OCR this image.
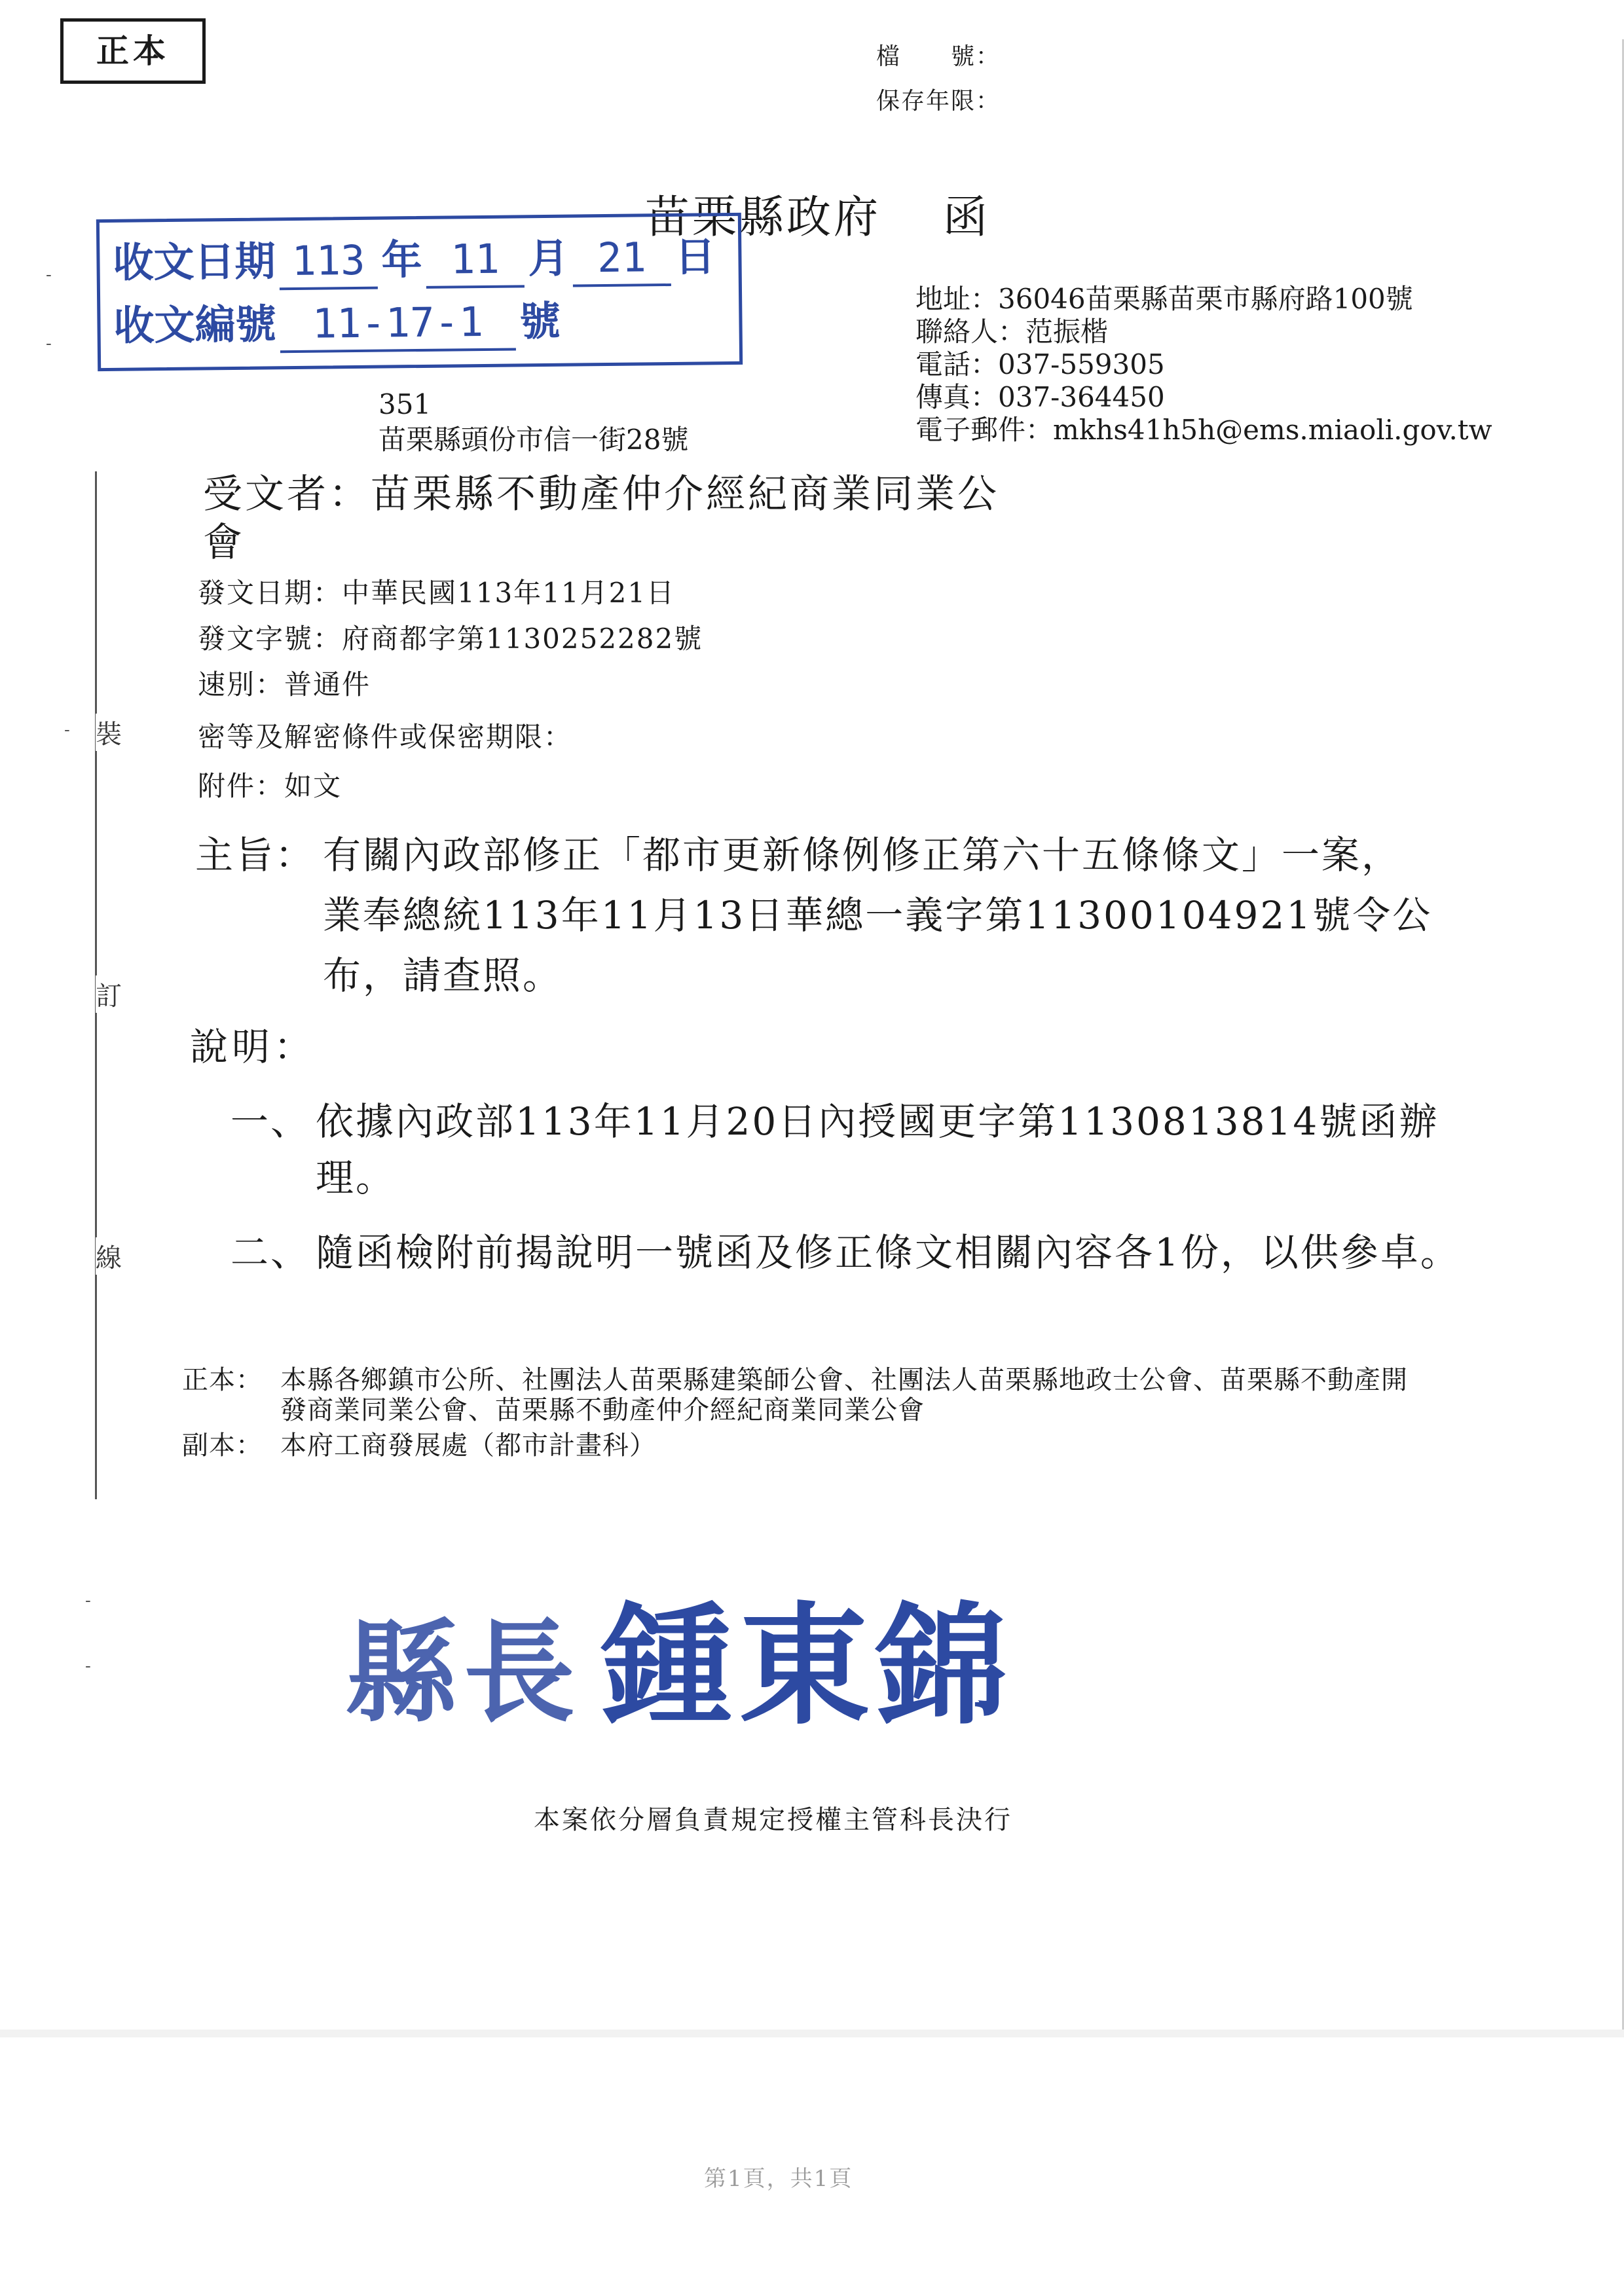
裝
訂
線
-
-
-
-
-
正本	檔　　號：
保存年限：
苗栗縣政府 函
收文日期 113 年 11 月 21 日
收文編號 11-17-1 號	地址：36046苗栗縣苗栗市縣府路100號
聯絡人：范振楷
電話：037-559305
傳真：037-364450
電子郵件：mkhs41h5h@ems.miaoli.gov.tw
351
苗栗縣頭份市信一街28號
受文者：苗栗縣不動產仲介經紀商業同業公會
發文日期：中華民國113年11月21日
發文字號：府商都字第1130252282號
速別：普通件
密等及解密條件或保密期限：
附件：如文
主旨： 有關內政部修正「都市更新條例修正第六十五條條文」一案，業奉總統113年11月13日華總一義字第11300104921號令公布，請查照。
說明：
一、 依據內政部113年11月20日內授國更字第1130813814號函辦理。
二、 隨函檢附前揭說明一號函及修正條文相關內容各1份，以供參卓。
正本： 本縣各鄉鎮市公所、社團法人苗栗縣建築師公會、社團法人苗栗縣地政士公會、苗栗縣不動產開發商業同業公會、苗栗縣不動產仲介經紀商業同業公會
副本： 本府工商發展處（都市計畫科）
縣長 鍾東錦
本案依分層負責規定授權主管科長決行
第1頁，共1頁
